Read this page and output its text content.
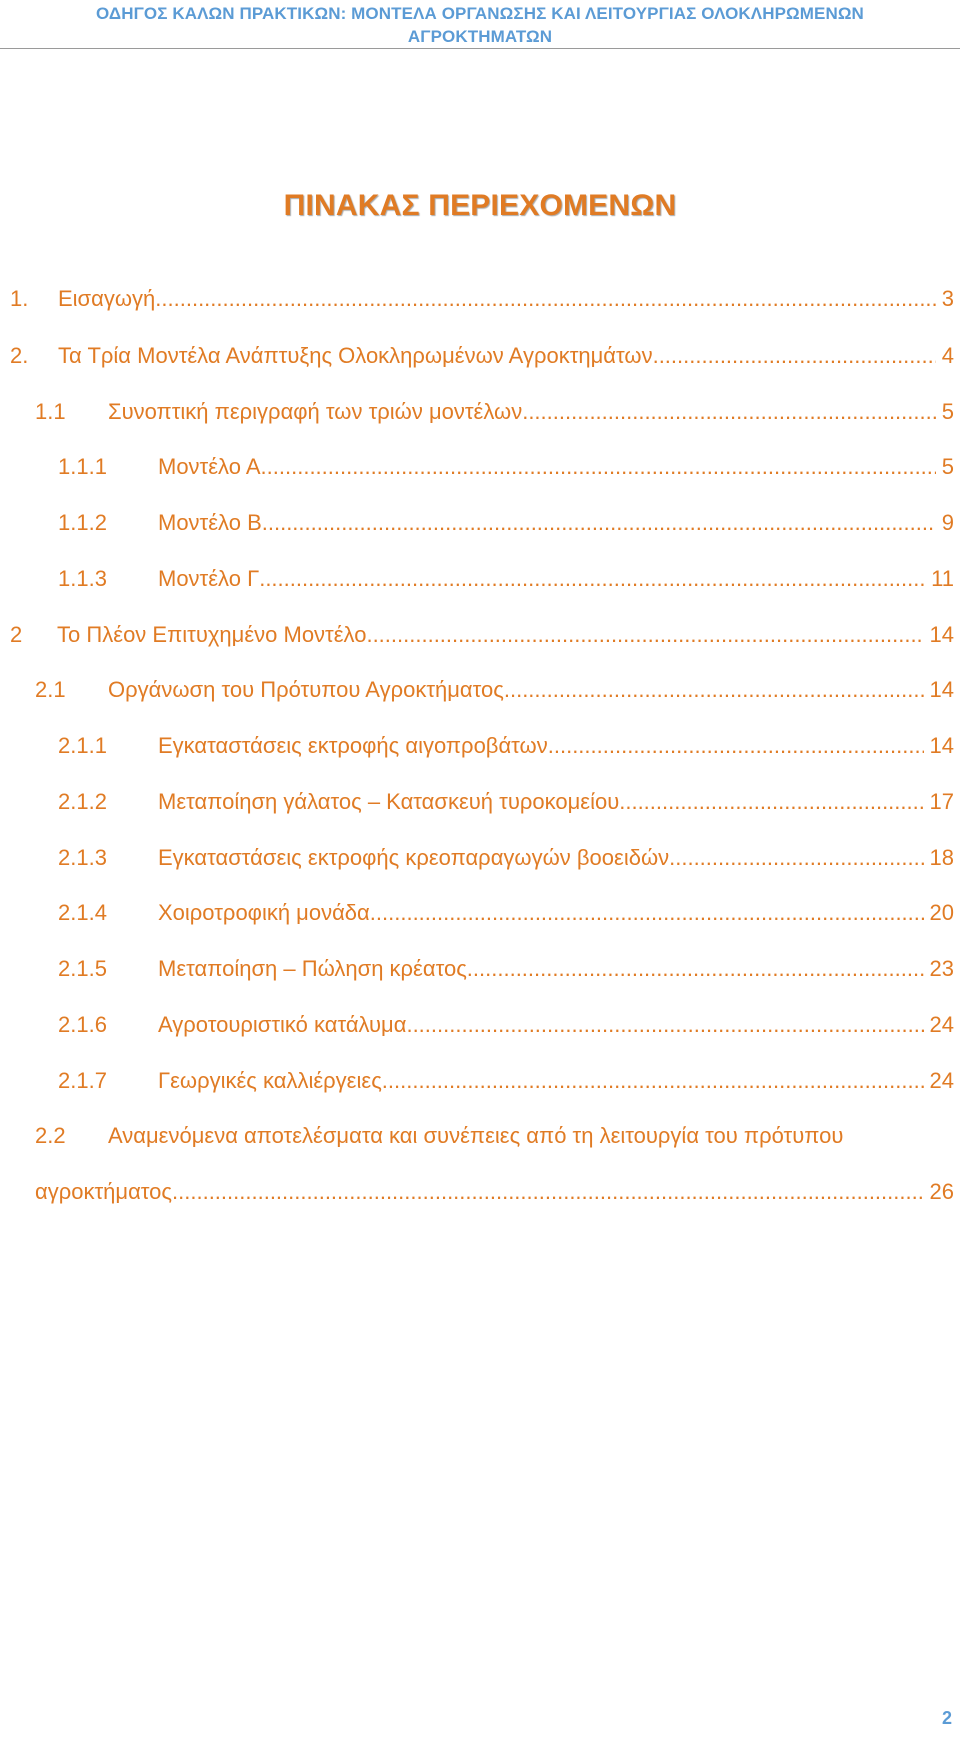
ΟΔΗΓΟΣ ΚΑΛΩΝ ΠΡΑΚΤΙΚΩΝ: ΜΟΝΤΕΛΑ ΟΡΓΑΝΩΣΗΣ ΚΑΙ ΛΕΙΤΟΥΡΓΙΑΣ ΟΛΟΚΛΗΡΩΜΕΝΩΝ
ΑΓΡΟΚΤΗΜΑΤΩΝ
ΠΙΝΑΚΑΣ ΠΕΡΙΕΧΟΜΕΝΩΝ
1.	Εισαγωγή .....	3
2.	Τα Τρία Μοντέλα Ανάπτυξης Ολοκληρωμένων Αγροκτημάτων .....	4
1.1	Συνοπτική περιγραφή των τριών μοντέλων .....	5
1.1.1	Μοντέλο Α .....	5
1.1.2	Μοντέλο Β .....	9
1.1.3	Μοντέλο Γ .....	11
2	Το Πλέον Επιτυχημένο Μοντέλο .....	14
2.1	Οργάνωση του Πρότυπου Αγροκτήματος .....	14
2.1.1	Εγκαταστάσεις εκτροφής αιγοπροβάτων .....	14
2.1.2	Μεταποίηση γάλατος – Κατασκευή τυροκομείου .....	17
2.1.3	Εγκαταστάσεις εκτροφής κρεοπαραγωγών βοοειδών .....	18
2.1.4	Χοιροτροφική μονάδα .....	20
2.1.5	Μεταποίηση – Πώληση κρέατος .....	23
2.1.6	Αγροτουριστικό κατάλυμα .....	24
2.1.7	Γεωργικές καλλιέργειες .....	24
2.2	Αναμενόμενα αποτελέσματα και συνέπειες από τη λειτουργία του πρότυπου
αγροκτήματος .....	26
2
